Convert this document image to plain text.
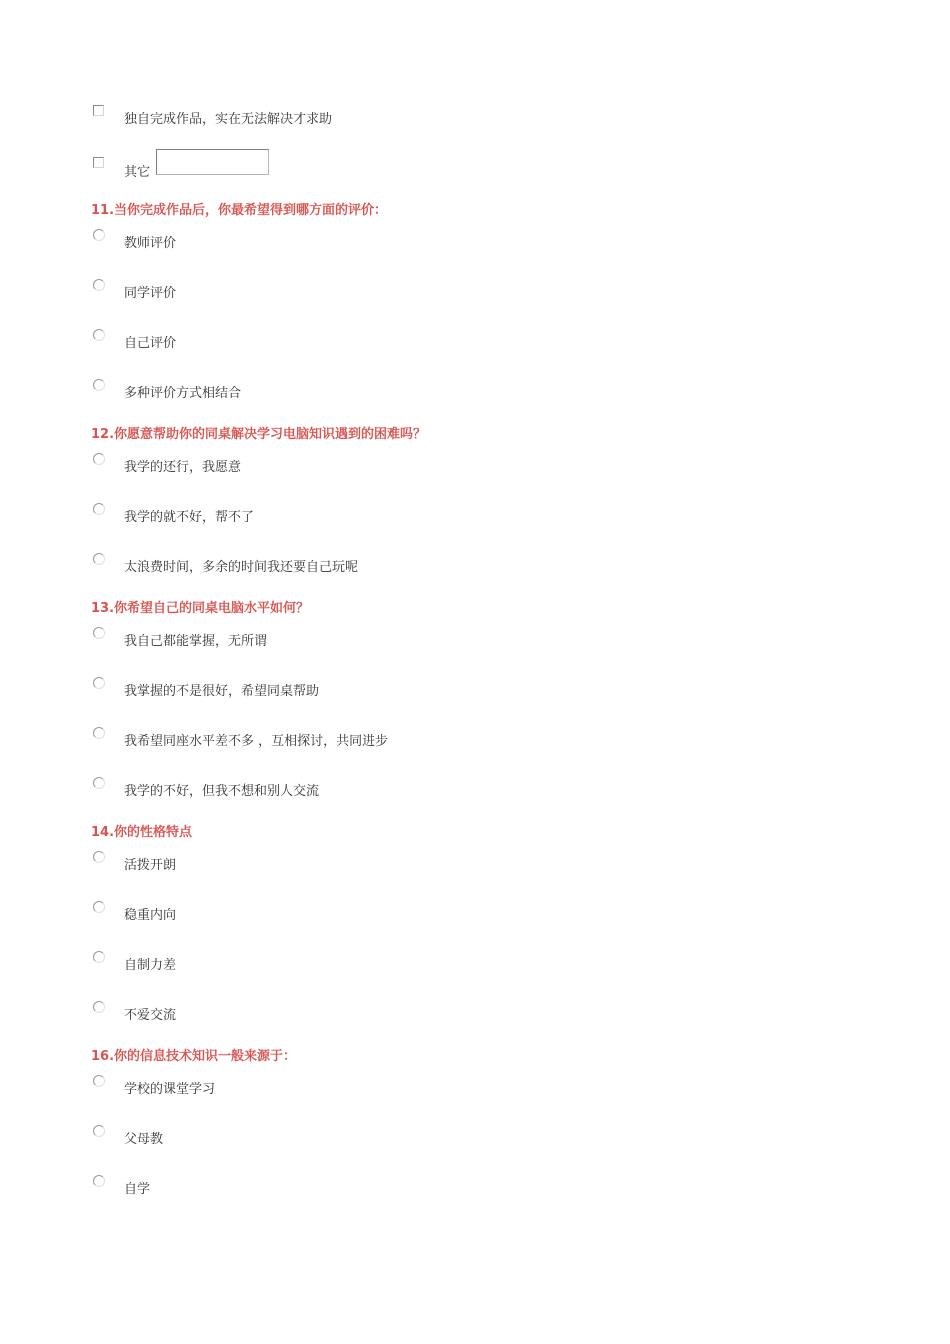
独自完成作品，实在无法解决才求助
其它
11.当你完成作品后，你最希望得到哪方面的评价：
教师评价
同学评价
自己评价
多种评价方式相结合
12.你愿意帮助你的同桌解决学习电脑知识遇到的困难吗？
我学的还行，我愿意
我学的就不好，帮不了
太浪费时间，多余的时间我还要自己玩呢
13.你希望自己的同桌电脑水平如何？
我自己都能掌握，无所谓
我掌握的不是很好，希望同桌帮助
我希望同座水平差不多 ，互相探讨，共同进步
我学的不好，但我不想和别人交流
14.你的性格特点
活拨开朗
稳重内向
自制力差
不爱交流
16.你的信息技术知识一般来源于：
学校的课堂学习
父母教
自学
